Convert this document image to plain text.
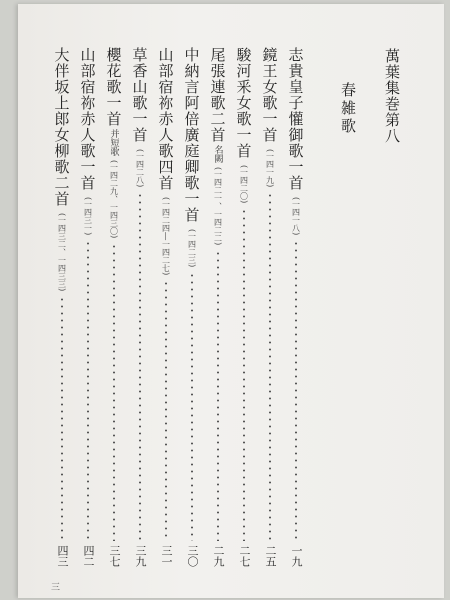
萬葉集巻第八
春雑歌
志貴皇子懽御歌一首
(一四一八)
一九
鏡王女歌一首
(一四一九)
二五
駿河釆女歌一首
(一四二〇)
二七
尾張連歌二首
名闕
(一四二一、一四二二)
二九
中納言阿倍廣庭卿歌一首
(一四二三)
三〇
山部宿祢赤人歌四首
(一四二四―一四二七)
三一
草香山歌一首
(一四二八)
三九
櫻花歌一首
并短歌
(一四二九、一四三〇)
三七
山部宿祢赤人歌一首
(一四三一)
四二
大伴坂上郎女柳歌二首
(一四三二、一四三三)
四三
三
